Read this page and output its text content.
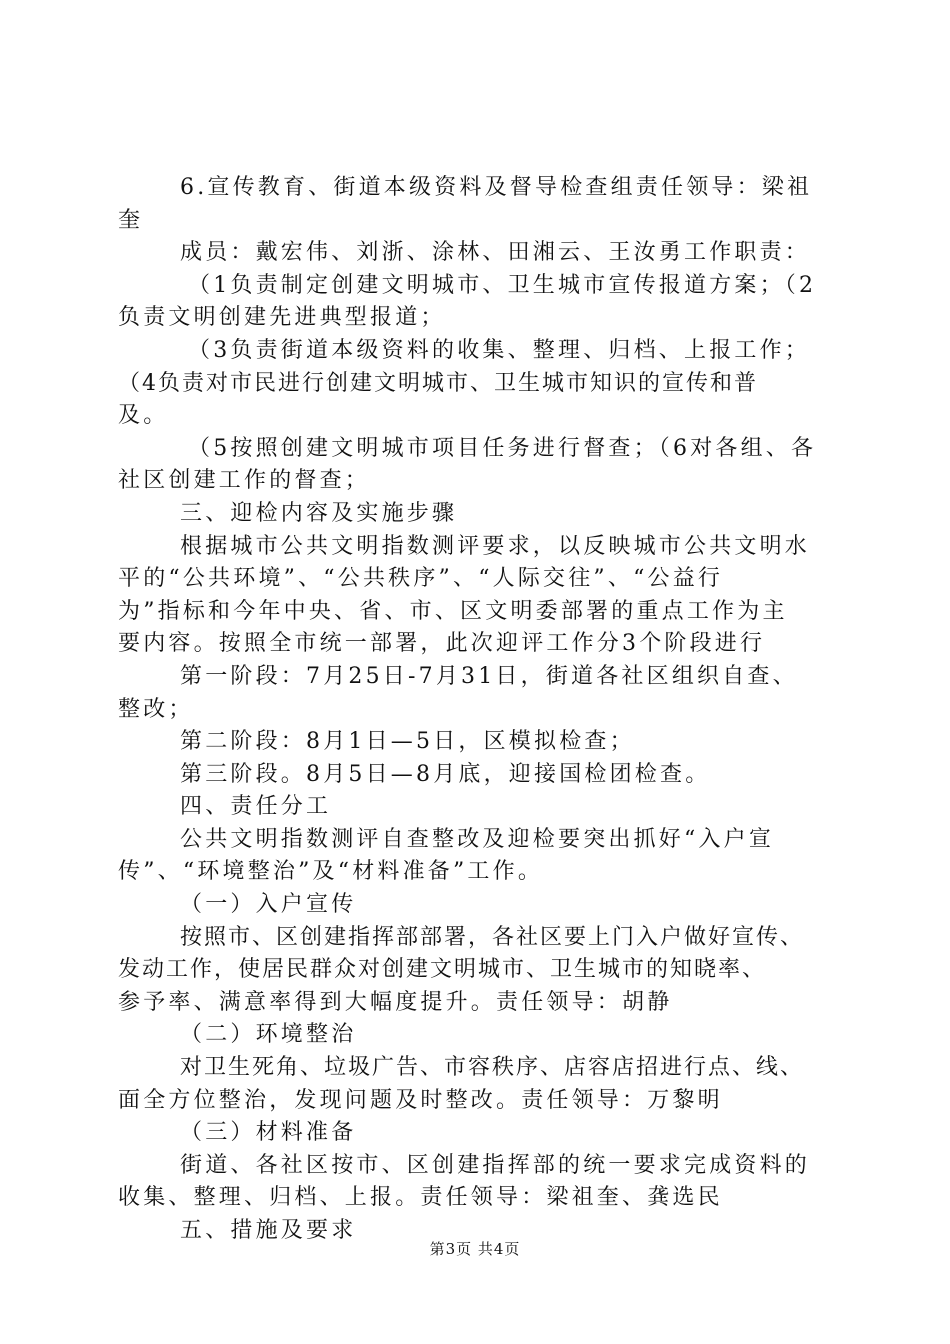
6.宣传教育、街道本级资料及督导检查组责任领导：梁祖
奎
成员：戴宏伟、刘浙、涂林、田湘云、王汝勇工作职责：
（1负责制定创建文明城市、卫生城市宣传报道方案；（2
负责文明创建先进典型报道；
（3负责街道本级资料的收集、整理、归档、上报工作；
（4负责对市民进行创建文明城市、卫生城市知识的宣传和普
及。
（5按照创建文明城市项目任务进行督查；（6对各组、各
社区创建工作的督查；
三、迎检内容及实施步骤
根据城市公共文明指数测评要求，以反映城市公共文明水
平的“公共环境”、“公共秩序”、“人际交往”、“公益行
为”指标和今年中央、省、市、区文明委部署的重点工作为主
要内容。按照全市统一部署，此次迎评工作分3个阶段进行
第一阶段：7月25日-7月31日，街道各社区组织自查、
整改；
第二阶段：8月1日—5日，区模拟检查；
第三阶段。8月5日—8月底，迎接国检团检查。
四、责任分工
公共文明指数测评自查整改及迎检要突出抓好“入户宣
传”、“环境整治”及“材料准备”工作。
（一）入户宣传
按照市、区创建指挥部部署，各社区要上门入户做好宣传、
发动工作，使居民群众对创建文明城市、卫生城市的知晓率、
参予率、满意率得到大幅度提升。责任领导：胡静
（二）环境整治
对卫生死角、垃圾广告、市容秩序、店容店招进行点、线、
面全方位整治，发现问题及时整改。责任领导：万黎明
（三）材料准备
街道、各社区按市、区创建指挥部的统一要求完成资料的
收集、整理、归档、上报。责任领导：梁祖奎、龚选民
五、措施及要求
第3页 共4页
